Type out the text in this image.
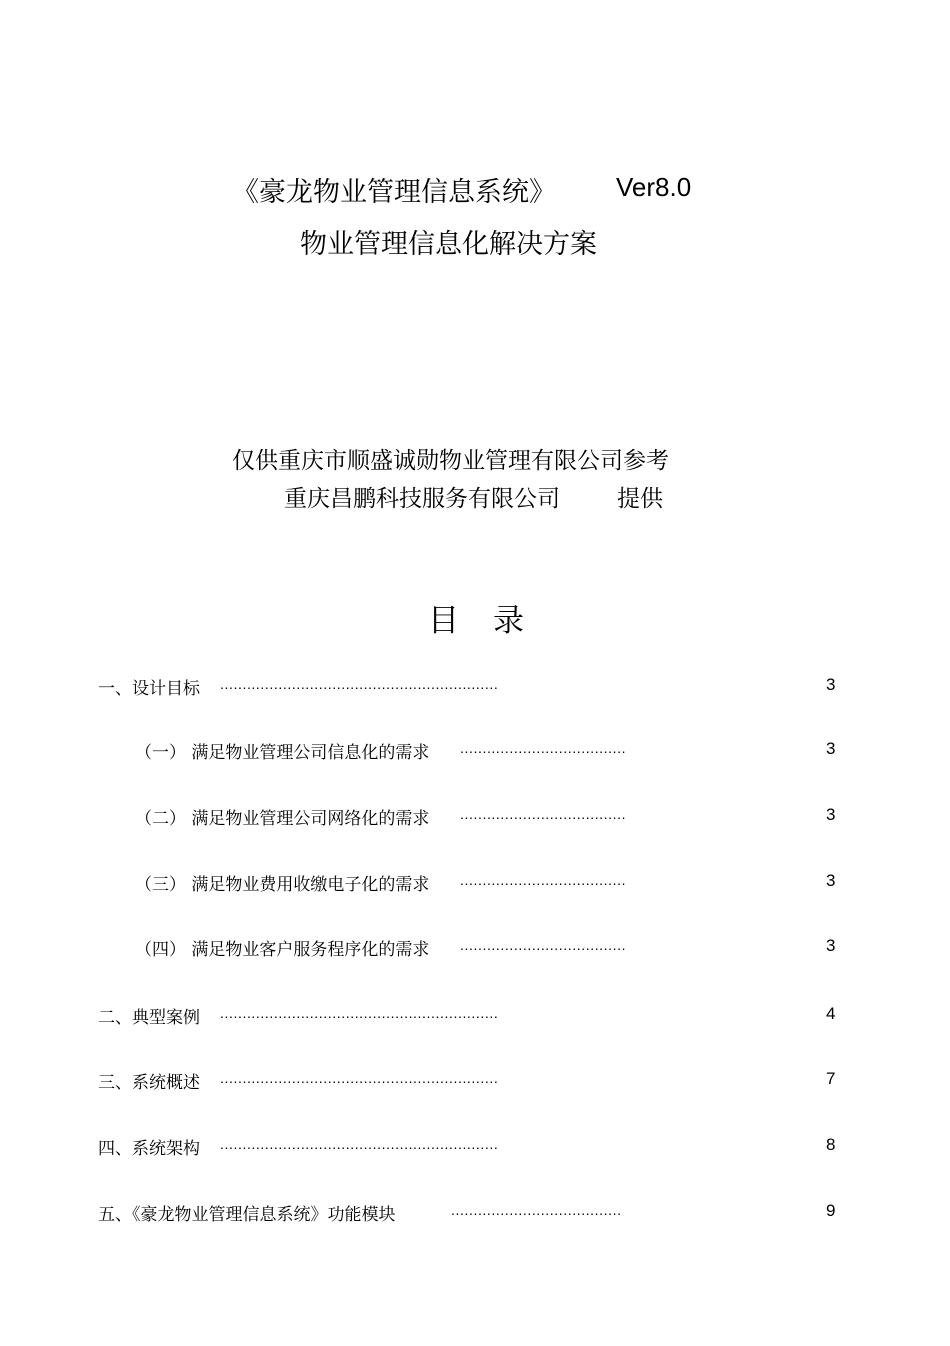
《豪龙物业管理信息系统》 Ver8.0
物业管理信息化解决方案
仅供重庆市顺盛诚勋物业管理有限公司参考
重庆昌鹏科技服务有限公司 提供
目 录
一、设计目标 ..............................................................	3
（一） 满足物业管理公司信息化的需求 .....................................	3
（二） 满足物业管理公司网络化的需求 .....................................	3
（三） 满足物业费用收缴电子化的需求 .....................................	3
（四） 满足物业客户服务程序化的需求 .....................................	3
二、典型案例 ..............................................................	4
三、系统概述 ..............................................................	7
四、系统架构 ..............................................................	8
五、《豪龙物业管理信息系统》功能模块	......................................	9
